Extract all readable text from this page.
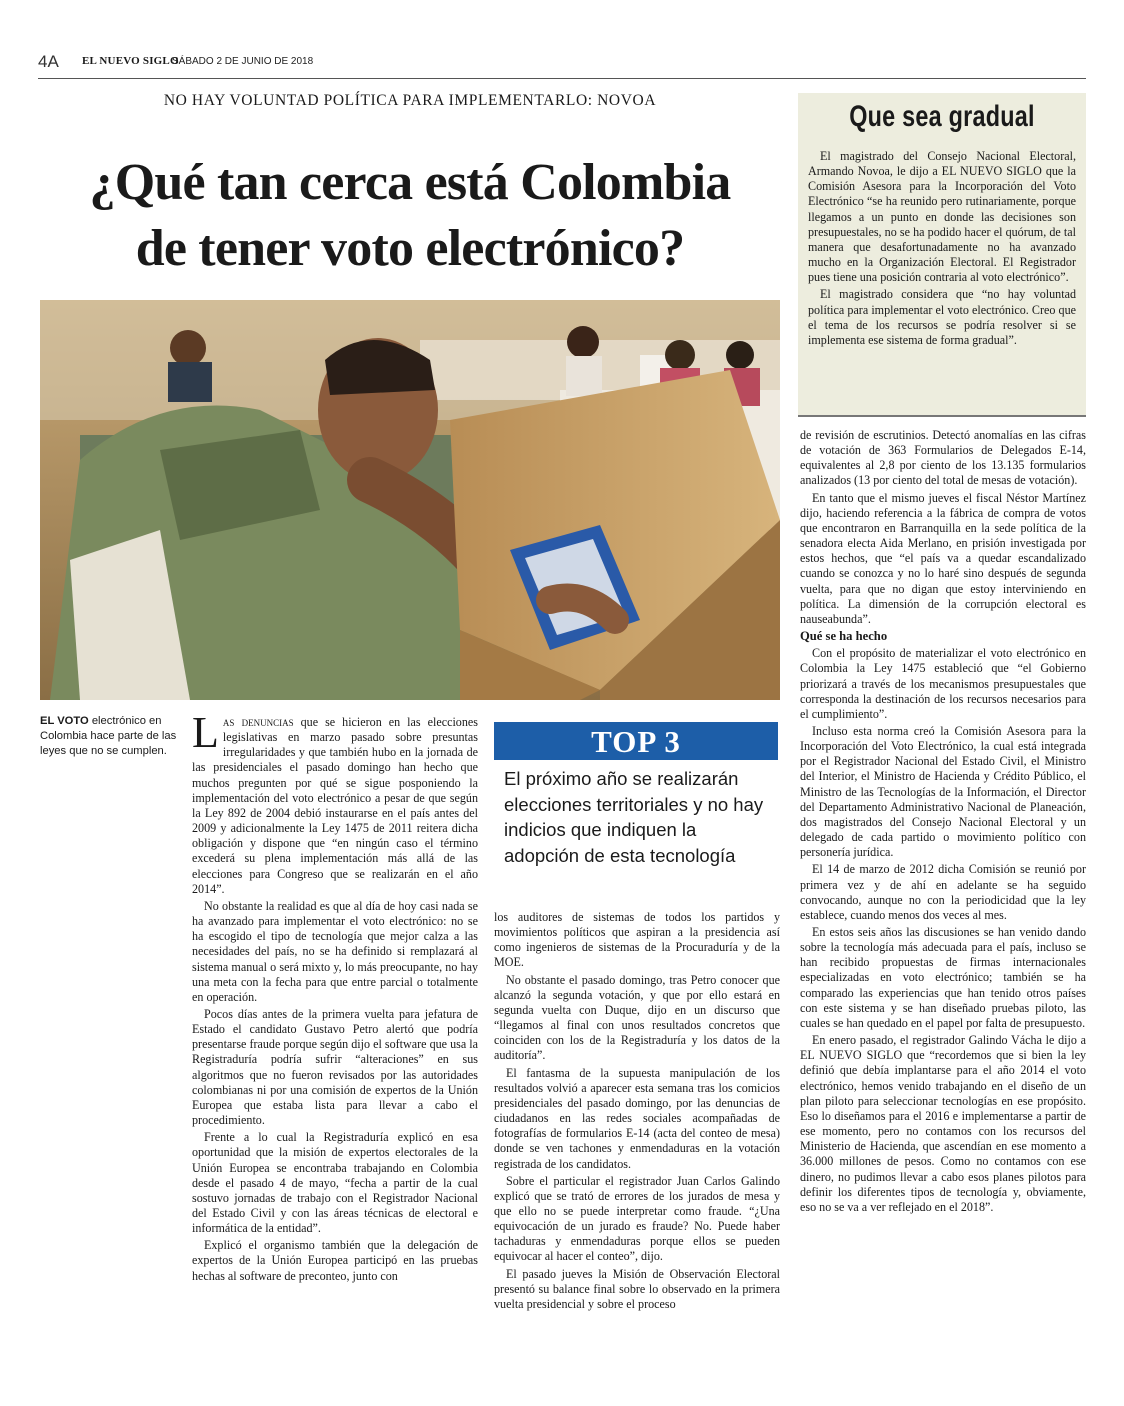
4A EL NUEVO SIGLO
SÁBADO 2 DE JUNIO DE 2018
NO HAY VOLUNTAD POLÍTICA PARA IMPLEMENTARLO: NOVOA
¿Qué tan cerca está Colombia
de tener voto electrónico?
EL VOTO electrónico en Colombia hace parte de las leyes que no se cumplen. Las denuncias que se hicieron en las elecciones legislativas en marzo pasado sobre presuntas irregularidades y que también hubo en la jornada de las presidenciales el pasado domingo han hecho que muchos pregunten por qué se sigue posponiendo la implementación del voto electrónico a pesar de que según la Ley 892 de 2004 debió instaurarse en el país antes del 2009 y adicionalmente la Ley 1475 de 2011 reitera dicha obligación y dispone que “en ningún caso el término excederá su plena implementación más allá de las elecciones para Congreso que se realizarán en el año 2014”.

No obstante la realidad es que al día de hoy casi nada se ha avanzado para implementar el voto electrónico: no se ha escogido el tipo de tecnología que mejor calza a las necesidades del país, no se ha definido si remplazará al sistema manual o será mixto y, lo más preocupante, no hay una meta con la fecha para que entre parcial o totalmente en operación.

Pocos días antes de la primera vuelta para jefatura de Estado el candidato Gustavo Petro alertó que podría presentarse fraude porque según dijo el software que usa la Registraduría podría sufrir “alteraciones” en sus algoritmos que no fueron revisados por las autoridades colombianas ni por una comisión de expertos de la Unión Europea que estaba lista para llevar a cabo el procedimiento.

Frente a lo cual la Registraduría explicó en esa oportunidad que la misión de expertos electorales de la Unión Europea se encontraba trabajando en Colombia desde el pasado 4 de mayo, “fecha a partir de la cual sostuvo jornadas de trabajo con el Registrador Nacional del Estado Civil y con las áreas técnicas de electoral e informática de la entidad”.

Explicó el organismo también que la delegación de expertos de la Unión Europea participó en las pruebas hechas al software de preconteo, junto con

TOP 3
El próximo año se realizarán elecciones territoriales y no hay indicios que indiquen la adopción de esta tecnología

los auditores de sistemas de todos los partidos y movimientos políticos que aspiran a la presidencia así como ingenieros de sistemas de la Procuraduría y de la MOE.

No obstante el pasado domingo, tras Petro conocer que alcanzó la segunda votación, y que por ello estará en segunda vuelta con Duque, dijo en un discurso que “llegamos al final con unos resultados concretos que coinciden con los de la Registraduría y los datos de la auditoría”.

El fantasma de la supuesta manipulación de los resultados volvió a aparecer esta semana tras los comicios presidenciales del pasado domingo, por las denuncias de ciudadanos en las redes sociales acompañadas de fotografías de formularios E-14 (acta del conteo de mesa) donde se ven tachones y enmendaduras en la votación registrada de los candidatos.

Sobre el particular el registrador Juan Carlos Galindo explicó que se trató de errores de los jurados de mesa y que ello no se puede interpretar como fraude. “¿Una equivocación de un jurado es fraude? No. Puede haber tachaduras y enmendaduras porque ellos se pueden equivocar al hacer el conteo”, dijo.

El pasado jueves la Misión de Observación Electoral presentó su balance final sobre lo observado en la primera vuelta presidencial y sobre el proceso

Que sea gradual

El magistrado del Consejo Nacional Electoral, Armando Novoa, le dijo a EL NUEVO SIGLO que la Comisión Asesora para la Incorporación del Voto Electrónico “se ha reunido pero rutinariamente, porque llegamos a un punto en donde las decisiones son presupuestales, no se ha podido hacer el quórum, de tal manera que desafortunadamente no ha avanzado mucho en la Organización Electoral. El Registrador pues tiene una posición contraria al voto electrónico”.

El magistrado considera que “no hay voluntad política para implementar el voto electrónico. Creo que el tema de los recursos se podría resolver si se implementa ese sistema de forma gradual”.

de revisión de escrutinios. Detectó anomalías en las cifras de votación de 363 Formularios de Delegados E-14, equivalentes al 2,8 por ciento de los 13.135 formularios analizados (13 por ciento del total de mesas de votación).

En tanto que el mismo jueves el fiscal Néstor Martínez dijo, haciendo referencia a la fábrica de compra de votos que encontraron en Barranquilla en la sede política de la senadora electa Aida Merlano, en prisión investigada por estos hechos, que “el país va a quedar escandalizado cuando se conozca y no lo haré sino después de segunda vuelta, para que no digan que estoy interviniendo en política. La dimensión de la corrupción electoral es nauseabunda”.

Qué se ha hecho

Con el propósito de materializar el voto electrónico en Colombia la Ley 1475 estableció que “el Gobierno priorizará a través de los mecanismos presupuestales que corresponda la destinación de los recursos necesarios para el cumplimiento”.

Incluso esta norma creó la Comisión Asesora para la Incorporación del Voto Electrónico, la cual está integrada por el Registrador Nacional del Estado Civil, el Ministro del Interior, el Ministro de Hacienda y Crédito Público, el Ministro de las Tecnologías de la Información, el Director del Departamento Administrativo Nacional de Planeación, dos magistrados del Consejo Nacional Electoral y un delegado de cada partido o movimiento político con personería jurídica.

El 14 de marzo de 2012 dicha Comisión se reunió por primera vez y de ahí en adelante se ha seguido convocando, aunque no con la periodicidad que la ley establece, cuando menos dos veces al mes.

En estos seis años las discusiones se han venido dando sobre la tecnología más adecuada para el país, incluso se han recibido propuestas de firmas internacionales especializadas en voto electrónico; también se ha comparado las experiencias que han tenido otros países con este sistema y se han diseñado pruebas piloto, las cuales se han quedado en el papel por falta de presupuesto.

En enero pasado, el registrador Galindo Vácha le dijo a EL NUEVO SIGLO que “recordemos que si bien la ley definió que debía implantarse para el año 2014 el voto electrónico, hemos venido trabajando en el diseño de un plan piloto para seleccionar tecnologías en ese propósito. Eso lo diseñamos para el 2016 e implementarse a partir de ese momento, pero no contamos con los recursos del Ministerio de Hacienda, que ascendían en ese momento a 36.000 millones de pesos. Como no contamos con ese dinero, no pudimos llevar a cabo esos planes pilotos para definir los diferentes tipos de tecnología y, obviamente, eso no se va a ver reflejado en el 2018”.
